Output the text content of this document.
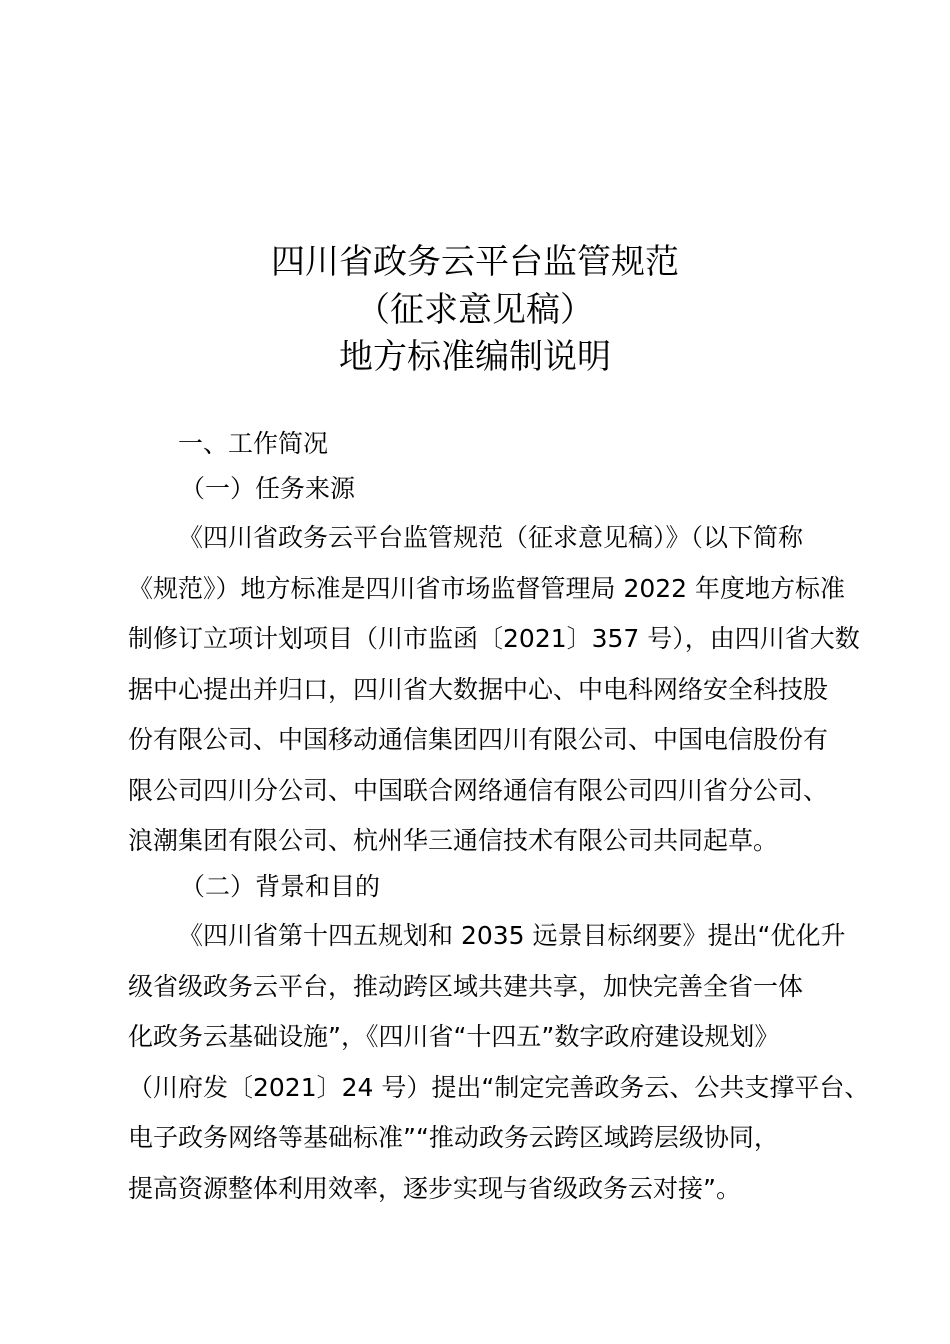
四川省政务云平台监管规范
（征求意见稿）
地方标准编制说明
一、工作简况
（一）任务来源
《四川省政务云平台监管规范（征求意见稿）》（以下简称
《规范》）地方标准是四川省市场监督管理局 2022 年度地方标准
制修订立项计划项目（川市监函〔2021〕357 号），由四川省大数
据中心提出并归口，四川省大数据中心、中电科网络安全科技股
份有限公司、中国移动通信集团四川有限公司、中国电信股份有
限公司四川分公司、中国联合网络通信有限公司四川省分公司、
浪潮集团有限公司、杭州华三通信技术有限公司共同起草。
（二）背景和目的
《四川省第十四五规划和 2035 远景目标纲要》提出“优化升
级省级政务云平台，推动跨区域共建共享，加快完善全省一体
化政务云基础设施”，《四川省“十四五”数字政府建设规划》
（川府发〔2021〕24 号）提出“制定完善政务云、公共支撑平台、
电子政务网络等基础标准”“推动政务云跨区域跨层级协同，
提高资源整体利用效率，逐步实现与省级政务云对接”。
